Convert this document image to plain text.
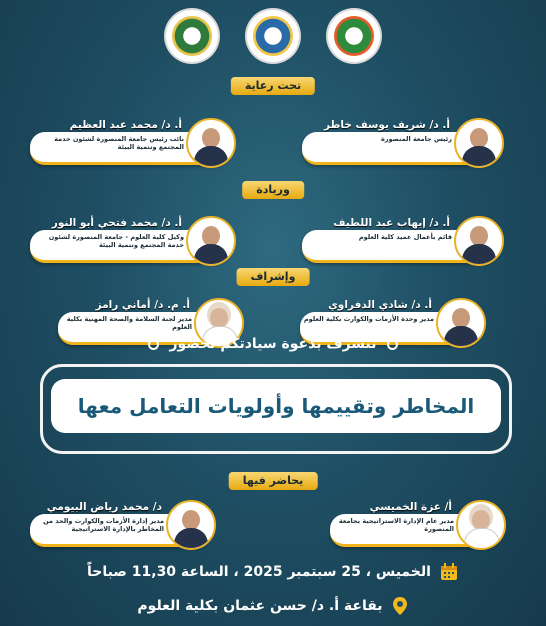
تحت رعاية
أ. د/ شريف يوسف خاطر
رئيس جامعة المنصورة
أ. د/ محمد عبد العظيم
نائب رئيس جامعة المنصورة لشئون خدمة المجتمع وتنمية البيئة
وريادة
أ. د/ إيهاب عبد اللطيف
قائم بأعمال عميد كلية العلوم
أ. د/ محمد فتحي أبو النور
وكيل كلية العلوم - جامعة المنصورة لشئون خدمة المجتمع وتنمية البيئة
وإشراف
أ. د/ شادي الدفراوي
مدير وحدة الأزمات والكوارث بكلية العلوم
أ. م. د/ أماني رامز
مدير لجنة السلامة والصحة المهنية بكلية العلوم
نتشرف بدعوة سيادتكم لحضور
المخاطر وتقييمها وأولويات التعامل معها
يحاضر فيها
أ/ عزة الخميسي
مدير عام الإدارة الاستراتيجية بجامعة المنصورة
د/ محمد رياض البيومي
مدير إدارة الأزمات والكوارث والحد من المخاطر بالإدارة الاستراتيجية
الخميس ، 25 سبتمبر 2025 ، الساعة 11,30 صباحاً
بقاعة أ. د/ حسن عثمان بكلية العلوم
